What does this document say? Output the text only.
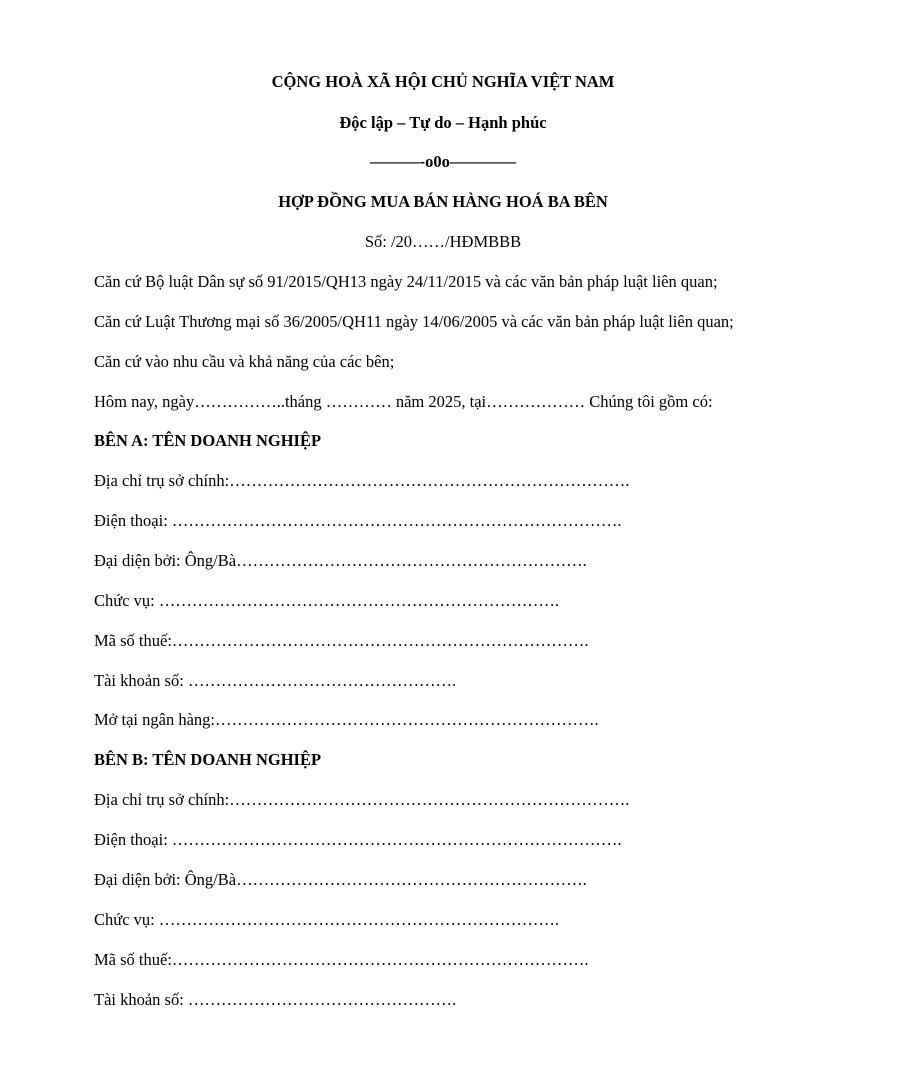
CỘNG HOÀ XÃ HỘI CHỦ NGHĨA VIỆT NAM
Độc lập – Tự do – Hạnh phúc
———-o0o————
HỢP ĐỒNG MUA BÁN HÀNG HOÁ BA BÊN
Số: /20……/HĐMBBB
Căn cứ Bộ luật Dân sự số 91/2015/QH13 ngày 24/11/2015 và các văn bản pháp luật liên quan;
Căn cứ Luật Thương mại số 36/2005/QH11 ngày 14/06/2005 và các văn bản pháp luật liên quan;
Căn cứ vào nhu cầu và khả năng của các bên;
Hôm nay, ngày……………..tháng ………… năm 2025, tại……………… Chúng tôi gồm có:
BÊN A: TÊN DOANH NGHIỆP
Địa chỉ trụ sở chính:……………………………………………………………….
Điện thoại: ……………………………………………………………………….
Đại diện bởi: Ông/Bà……………………………………………………….
Chức vụ: ……………………………………………………………….
Mã số thuế:………………………………………………………………….
Tài khoản số: ………………………………………….
Mở tại ngân hàng:…………………………………………………………….
BÊN B: TÊN DOANH NGHIỆP
Địa chỉ trụ sở chính:……………………………………………………………….
Điện thoại: ……………………………………………………………………….
Đại diện bởi: Ông/Bà……………………………………………………….
Chức vụ: ……………………………………………………………….
Mã số thuế:………………………………………………………………….
Tài khoản số: ………………………………………….
